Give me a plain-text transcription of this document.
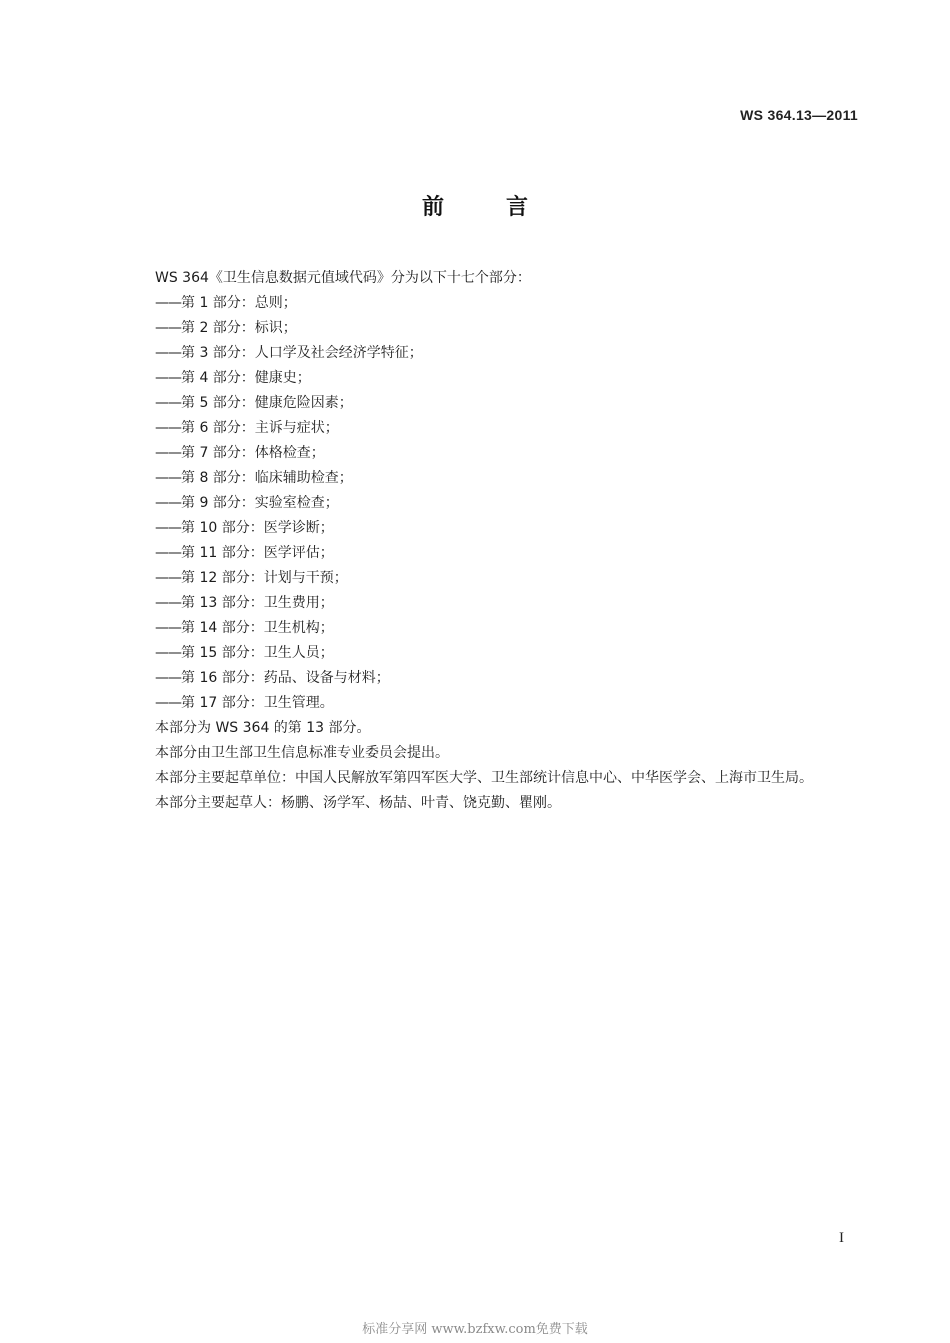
WS 364.13—2011
前	言
WS 364《卫生信息数据元值域代码》分为以下十七个部分：
——第 1 部分：总则；
——第 2 部分：标识；
——第 3 部分：人口学及社会经济学特征；
——第 4 部分：健康史；
——第 5 部分：健康危险因素；
——第 6 部分：主诉与症状；
——第 7 部分：体格检查；
——第 8 部分：临床辅助检查；
——第 9 部分：实验室检查；
——第 10 部分：医学诊断；
——第 11 部分：医学评估；
——第 12 部分：计划与干预；
——第 13 部分：卫生费用；
——第 14 部分：卫生机构；
——第 15 部分：卫生人员；
——第 16 部分：药品、设备与材料；
——第 17 部分：卫生管理。
本部分为 WS 364 的第 13 部分。
本部分由卫生部卫生信息标准专业委员会提出。
本部分主要起草单位：中国人民解放军第四军医大学、卫生部统计信息中心、中华医学会、上海市卫生局。
本部分主要起草人：杨鹏、汤学军、杨喆、叶青、饶克勤、瞿刚。
I
标准分享网 www.bzfxw.com免费下载
